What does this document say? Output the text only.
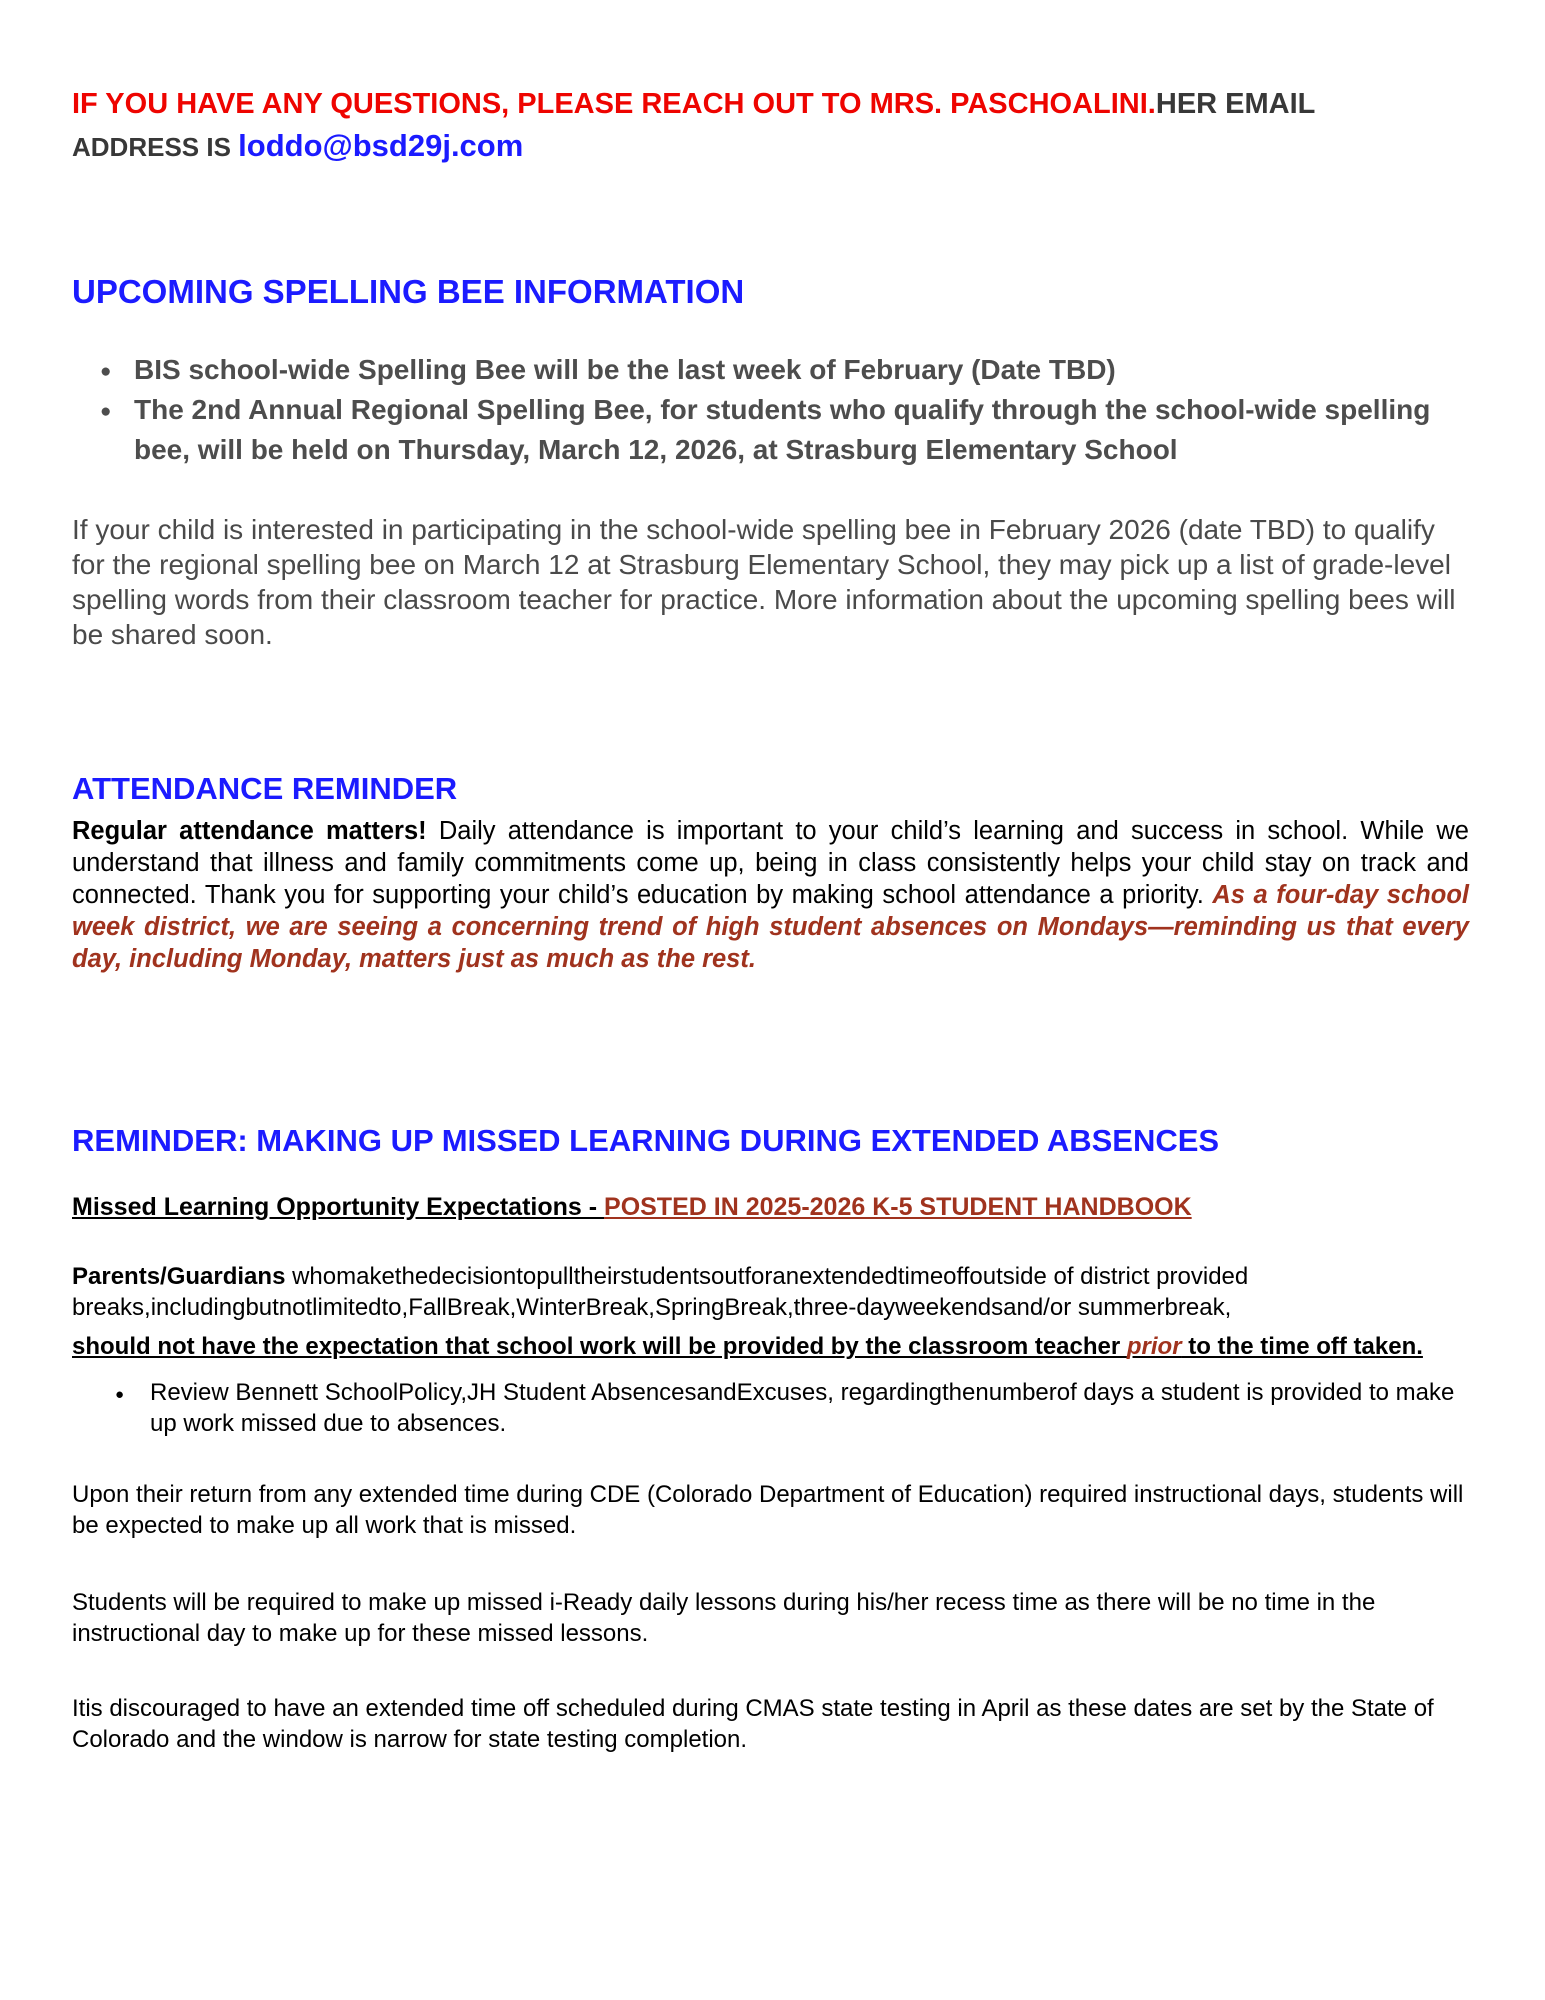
IF YOU HAVE ANY QUESTIONS, PLEASE REACH OUT TO MRS. PASCHOALINI.HER EMAIL
ADDRESS IS loddo@bsd29j.com
UPCOMING SPELLING BEE INFORMATION
● BIS school-wide Spelling Bee will be the last week of February (Date TBD)
● The 2nd Annual Regional Spelling Bee, for students who qualify through the school-wide spelling bee, will be held on Thursday, March 12, 2026, at Strasburg Elementary School

If your child is interested in participating in the school-wide spelling bee in February 2026 (date TBD) to qualify for the regional spelling bee on March 12 at Strasburg Elementary School, they may pick up a list of grade-level spelling words from their classroom teacher for practice. More information about the upcoming spelling bees will be shared soon.

ATTENDANCE REMINDER

Regular attendance matters! Daily attendance is important to your child’s learning and success in school. While we understand that illness and family commitments come up, being in class consistently helps your child stay on track and connected. Thank you for supporting your child’s education by making school attendance a priority. As a four-day school week district, we are seeing a concerning trend of high student absences on Mondays—reminding us that every day, including Monday, matters just as much as the rest.

REMINDER: MAKING UP MISSED LEARNING DURING EXTENDED ABSENCES

Missed Learning Opportunity Expectations - POSTED IN 2025-2026 K-5 STUDENT HANDBOOK

Parents/Guardians whomakethedecisiontopulltheirstudentsoutforanextendedtimeoffoutside of district provided breaks,includingbutnotlimitedto,FallBreak,WinterBreak,SpringBreak,three-dayweekendsand/or summerbreak,

should not have the expectation that school work will be provided by the classroom teacher prior to the time off taken.

● Review Bennett SchoolPolicy,JH Student AbsencesandExcuses, regardingthenumberof days a student is provided to make up work missed due to absences.

Upon their return from any extended time during CDE (Colorado Department of Education) required instructional days, students will be expected to make up all work that is missed.

Students will be required to make up missed i-Ready daily lessons during his/her recess time as there will be no time in the instructional day to make up for these missed lessons.

Itis discouraged to have an extended time off scheduled during CMAS state testing in April as these dates are set by the State of Colorado and the window is narrow for state testing completion.
